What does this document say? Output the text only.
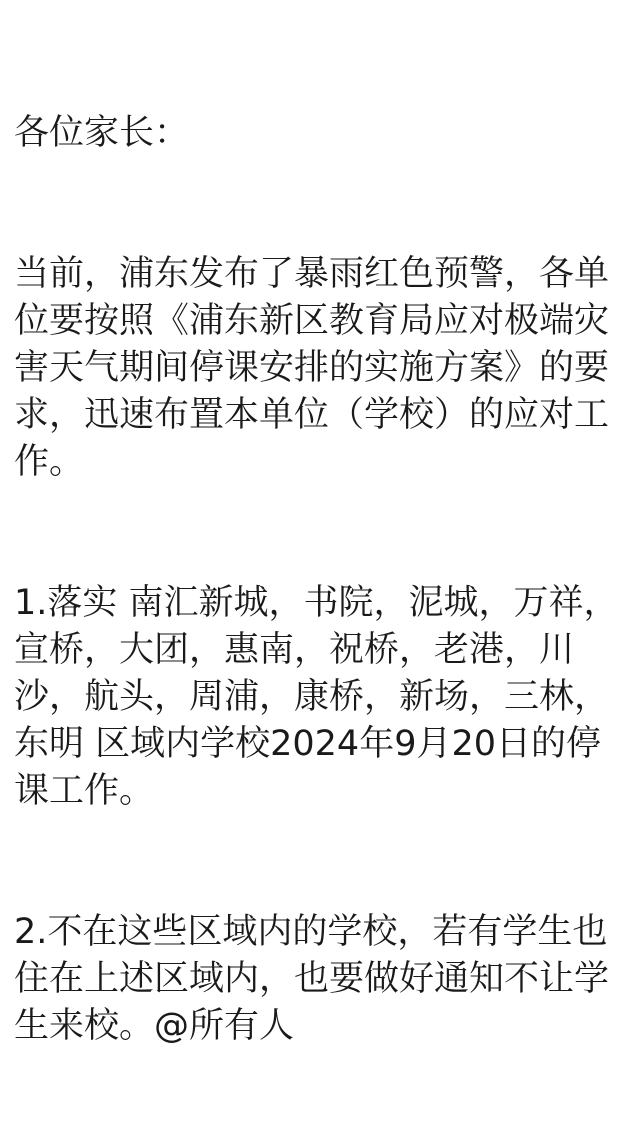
各位家长：

当前，浦东发布了暴雨红色预警，各单位要按照《浦东新区教育局应对极端灾害天气期间停课安排的实施方案》的要求，迅速布置本单位（学校）的应对工作。

1.落实 南汇新城，书院，泥城，万祥，宣桥，大团，惠南，祝桥，老港，川沙，航头，周浦，康桥，新场，三林，东明 区域内学校2024年9月20日的停课工作。

2.不在这些区域内的学校，若有学生也住在上述区域内，也要做好通知不让学生来校。@所有人
